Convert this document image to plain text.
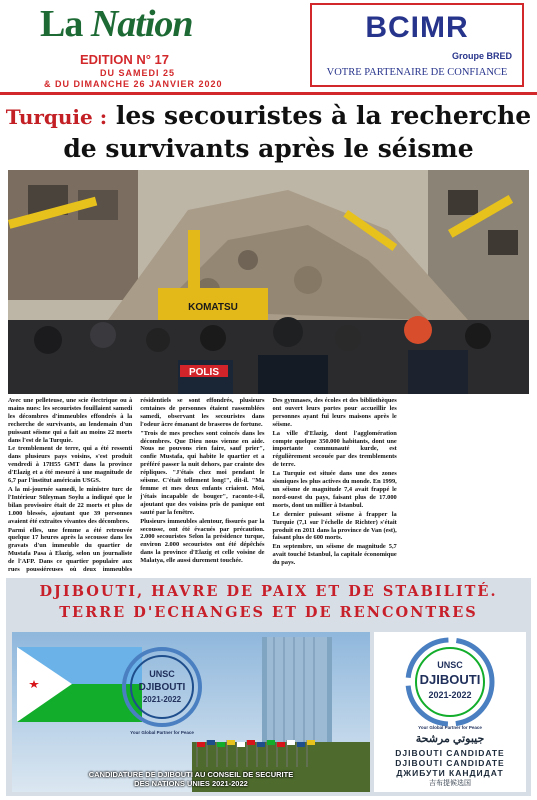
La Nation
EDITION N° 17
DU SAMEDI 25
& DU DIMANCHE 26 JANVIER 2020
BCIMR
Groupe BRED
VOTRE PARTENAIRE DE CONFIANCE
Turquie : les secouristes à la recherche
de survivants après le séisme
KOMATSU
POLIS

Avec une pelleteuse, une scie électrique ou à mains nues: les secouristes fouillaient samedi les décombres d'immeubles effondrés à la recherche de survivants, au lendemain d'un puissant séisme qui a fait au moins 22 morts dans l'est de la Turquie.

Le tremblement de terre, qui a été ressenti dans plusieurs pays voisins, s'est produit vendredi à 17H55 GMT dans la province d'Elazig et a été mesuré à une magnitude de 6,7 par l'institut américain USGS.

A la mi-journée samedi, le ministre turc de l'Intérieur Süleyman Soylu a indiqué que le bilan provisoire était de 22 morts et plus de 1.000 blessés, ajoutant que 39 personnes avaient été extraites vivantes des décombres.

Parmi elles, une femme a été retrouvée quelque 17 heures après la secousse dans les gravats d'un immeuble du quartier de Mustafa Pasa à Elazig, selon un journaliste de l'AFP. Dans ce quartier populaire aux rues poussiéreuses où deux immeubles résidentiels se sont effondrés, plusieurs centaines de personnes étaient rassemblées samedi, observant les secouristes dans l'odeur âcre émanant de braseros de fortune.

"Trois de mes proches sont coincés dans les décombres. Que Dieu nous vienne en aide. Nous ne pouvons rien faire, sauf prier", confie Mustafa, qui habite le quartier et a préféré passer la nuit dehors, par crainte des répliques. "J'étais chez moi pendant le séisme. C'était tellement long!", dit-il. "Ma femme et mes deux enfants criaient. Moi, j'étais incapable de bouger", raconte-t-il, ajoutant que des voisins pris de panique ont sauté par la fenêtre.

Plusieurs immeubles alentour, fissurés par la secousse, ont été évacués par précaution. 2.000 secouristes Selon la présidence turque, environ 2.000 secouristes ont été dépêchés dans la province d'Elazig et celle voisine de Malatya, elle aussi durement touchée.

Des gymnases, des écoles et des bibliothèques ont ouvert leurs portes pour accueillir les personnes ayant fui leurs maisons après le séisme.

La ville d'Elazig, dont l'agglomération compte quelque 350.000 habitants, dont une importante communauté kurde, est régulièrement secouée par des tremblements de terre.

La Turquie est située dans une des zones sismiques les plus actives du monde. En 1999, un séisme de magnitude 7,4 avait frappé le nord-ouest du pays, faisant plus de 17.000 morts, dont un millier à Istanbul.

Le dernier puissant séisme à frapper la Turquie (7,1 sur l'échelle de Richter) s'était produit en 2011 dans la province de Van (est), faisant plus de 600 morts.

En septembre, un séisme de magnitude 5,7 avait touché Istanbul, la capitale économique du pays.

DJIBOUTI, HAVRE DE PAIX ET DE STABILITÉ.
TERRE D'ECHANGES ET DE RENCONTRES
UNSC
DJIBOUTI
2021-2022
Your Global Partner for Peace
CANDIDATURE DE DJIBOUTI AU CONSEIL DE SECURITE
DES NATIONS UNIES 2021-2022
UNSC
DJIBOUTI
2021-2022
Your Global Partner for Peace
جيبوتي مرشحة
DJIBOUTI CANDIDATE
DJIBOUTI CANDIDATE
ДЖИБУТИ КАНДИДАТ
吉布提候选国
